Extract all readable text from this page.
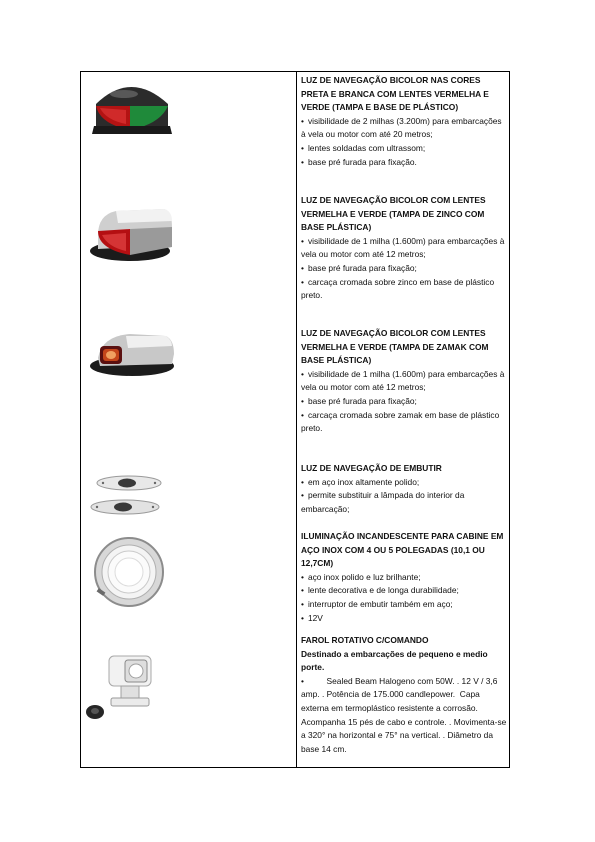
LUZ DE NAVEGAÇÃO BICOLOR NAS CORES PRETA E BRANCA COM LENTES VERMELHA E VERDE (TAMPA E BASE DE PLÁSTICO)
• visibilidade de 2 milhas (3.200m) para embarcações à vela ou motor com até 20 metros;
• lentes soldadas com ultrassom;
• base pré furada para fixação.
LUZ DE NAVEGAÇÃO BICOLOR COM LENTES VERMELHA E VERDE (TAMPA DE ZINCO COM BASE PLÁSTICA)
• visibilidade de 1 milha (1.600m) para embarcações à vela ou motor com até 12 metros;
• base pré furada para fixação;
• carcaça cromada sobre zinco em base de plástico preto.
LUZ DE NAVEGAÇÃO BICOLOR COM LENTES VERMELHA E VERDE (TAMPA DE ZAMAK COM BASE PLÁSTICA)
• visibilidade de 1 milha (1.600m) para embarcações à vela ou motor com até 12 metros;
• base pré furada para fixação;
• carcaça cromada sobre zamak em base de plástico preto.
LUZ DE NAVEGAÇÃO DE EMBUTIR
• em aço inox altamente polido;
• permite substituir a lâmpada do interior da embarcação;
ILUMINAÇÃO INCANDESCENTE PARA CABINE EM AÇO INOX COM 4 OU 5 POLEGADAS (10,1 OU 12,7CM)
• aço inox polido e luz brilhante;
• lente decorativa e de longa durabilidade;
• interruptor de embutir também em aço;
• 12V
FAROL ROTATIVO C/COMANDO
Destinado a embarcações de pequeno e medio porte.
•         Sealed Beam Halogeno com 50W. . 12 V / 3,6 amp. . Potência de 175.000 candlepower.  Capa externa em termoplástico resistente a corrosão. Acompanha 15 pés de cabo e controle. . Movimenta-se a 320° na horizontal e 75° na vertical. . Diâmetro da base 14 cm.
